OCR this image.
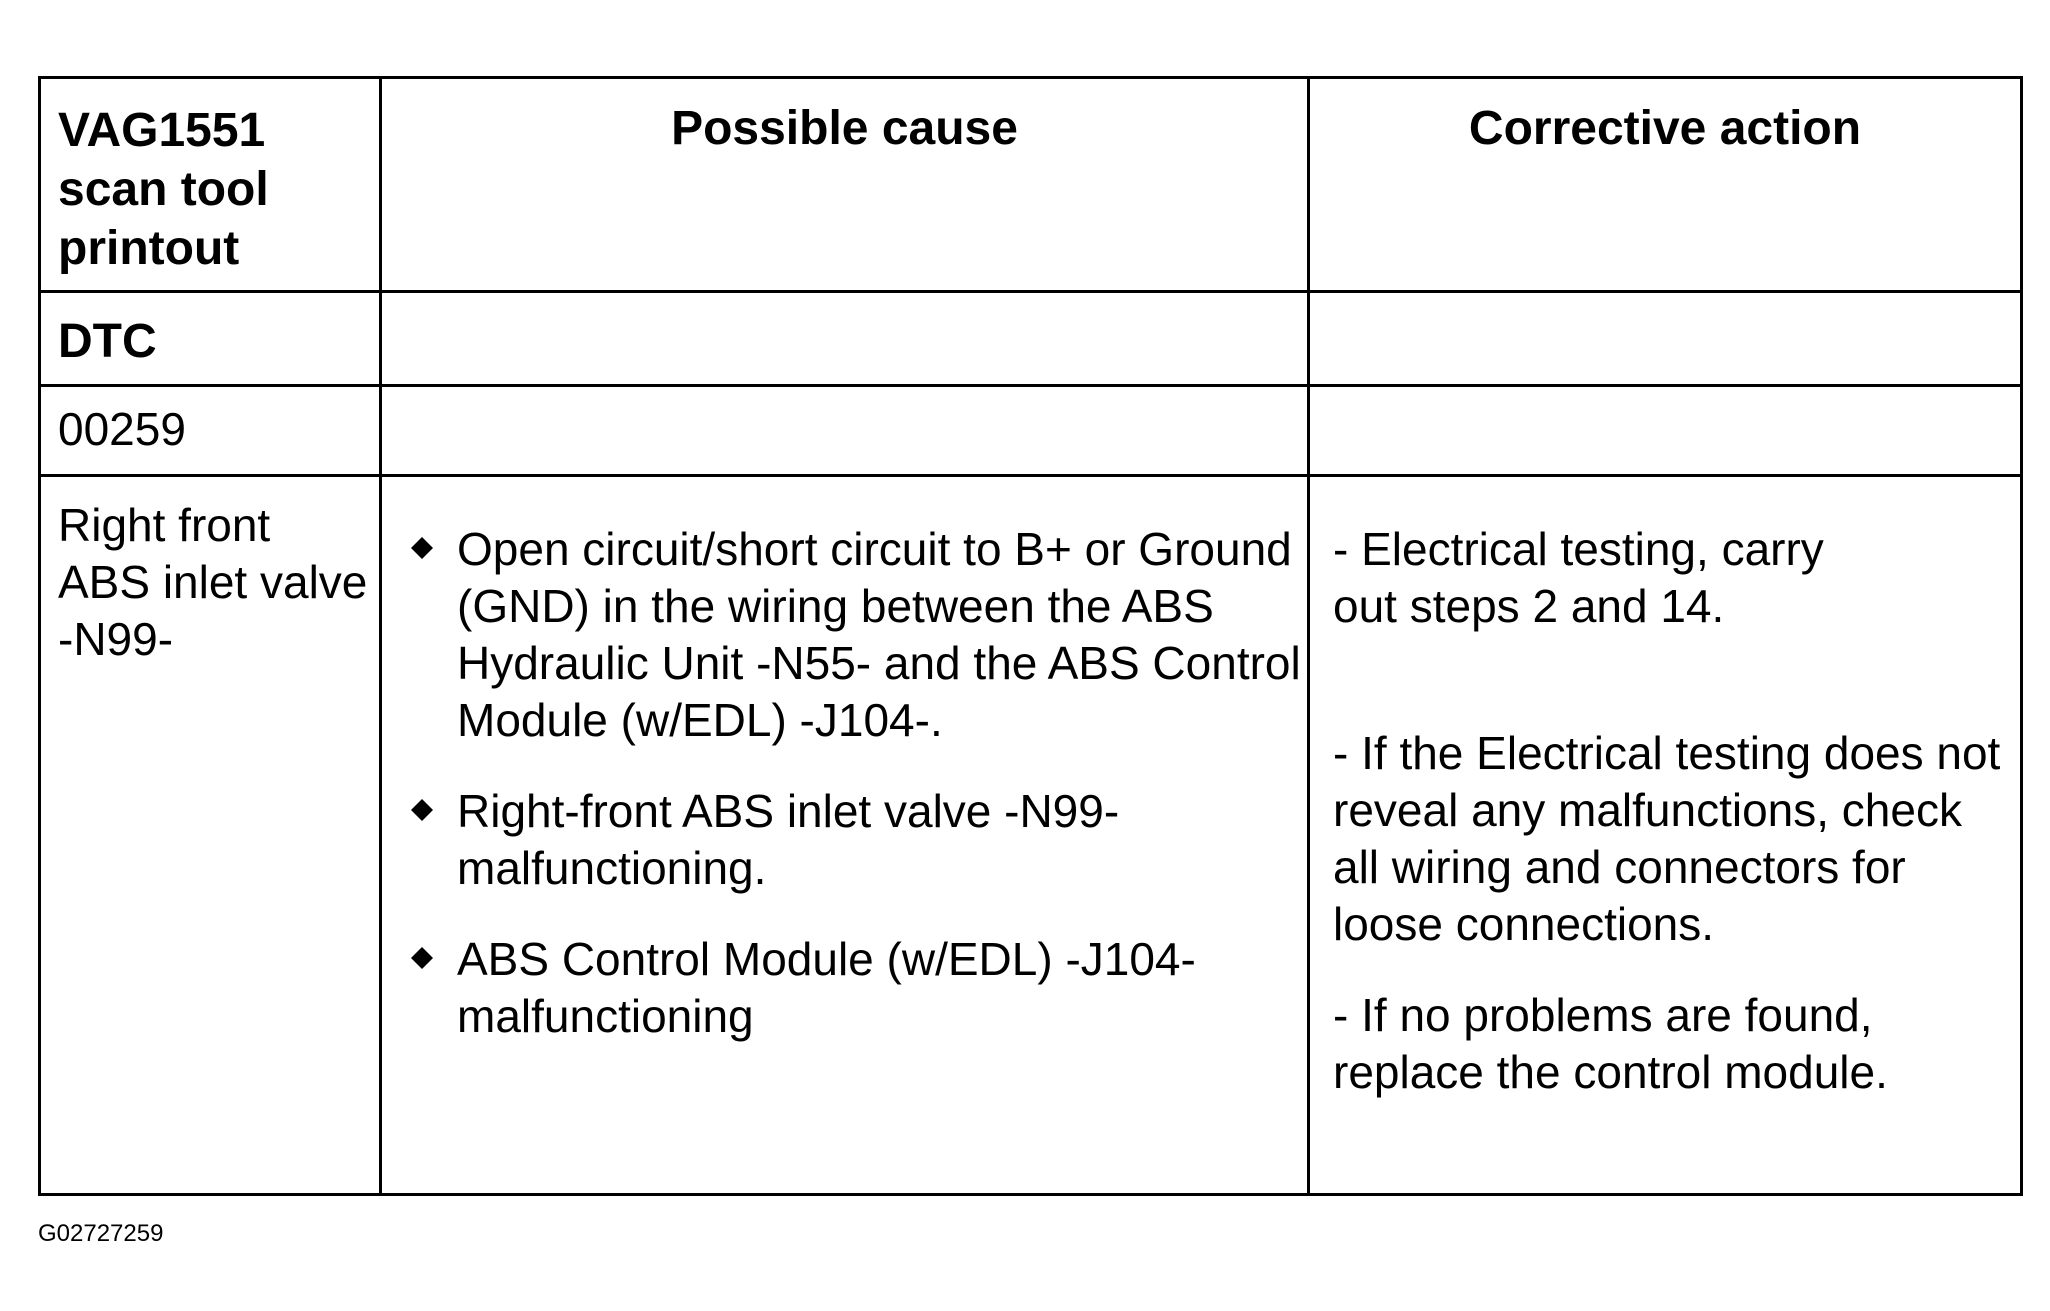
VAG1551 scan tool printout
Possible cause	Corrective action
DTC
00259
Right front ABS inlet valve -N99-
Open circuit/short circuit to B+ or Ground (GND) in the wiring between the ABS Hydraulic Unit -N55- and the ABS Control Module (w/EDL) -J104-.
Right-front ABS inlet valve -N99- malfunctioning.
ABS Control Module (w/EDL) -J104- malfunctioning

- Electrical testing, carry out steps 2 and 14.

- If the Electrical testing does not reveal any malfunctions, check all wiring and connectors for loose connections.

- If no problems are found, replace the control module.

G02727259
